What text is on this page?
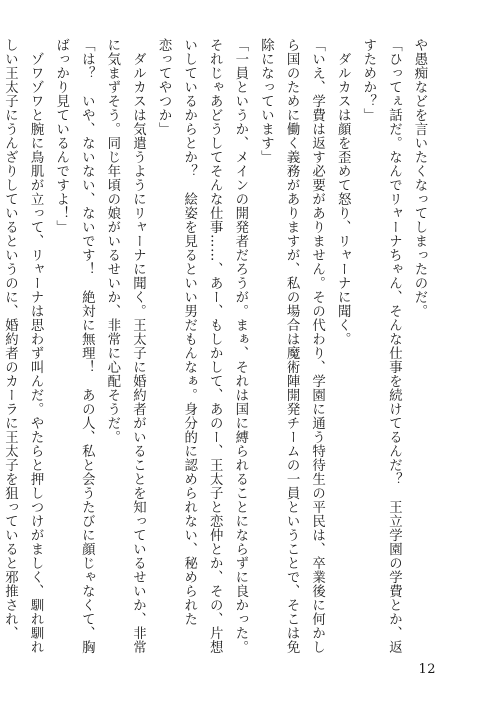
や愚痴などを言いたくなってしまったのだ。
「ひってぇ話だ。なんでリャーナちゃん、そんな仕事を続けてるんだ？　王立学園の学費とか、返
すためか？」
　ダルカスは顔を歪めて怒り、リャーナに聞く。
「いえ、学費は返す必要がありません。その代わり、学園に通う特待生の平民は、卒業後に何かし
ら国のために働く義務がありますが、私の場合は魔術陣開発チームの一員ということで、そこは免
除になっています」
「一員というか、メインの開発者だろうが。まぁ、それは国に縛られることにならずに良かった。
それじゃあどうしてそんな仕事……、あー、もしかして、あのー、王太子と恋仲とか、その、片想
いしているからとか？　絵姿を見るといい男だもんなぁ。身分的に認められない、秘められた
恋ってやつか」
　ダルカスは気遣うようにリャーナに聞く。王太子に婚約者がいることを知っているせいか、非常
に気まずそう。同じ年頃の娘がいるせいか、非常に心配そうだ。
「は？　いや、ないない、ないです！　絶対に無理！　あの人、私と会うたびに顔じゃなくて、胸
ばっかり見ているんですよ！」
　ゾワゾワと腕に鳥肌が立って、リャーナは思わず叫んだ。やたらと押しつけがましく、馴れ馴れ
しい王太子にうんざりしているというのに、婚約者のカーラに王太子を狙っていると邪推され、
12
